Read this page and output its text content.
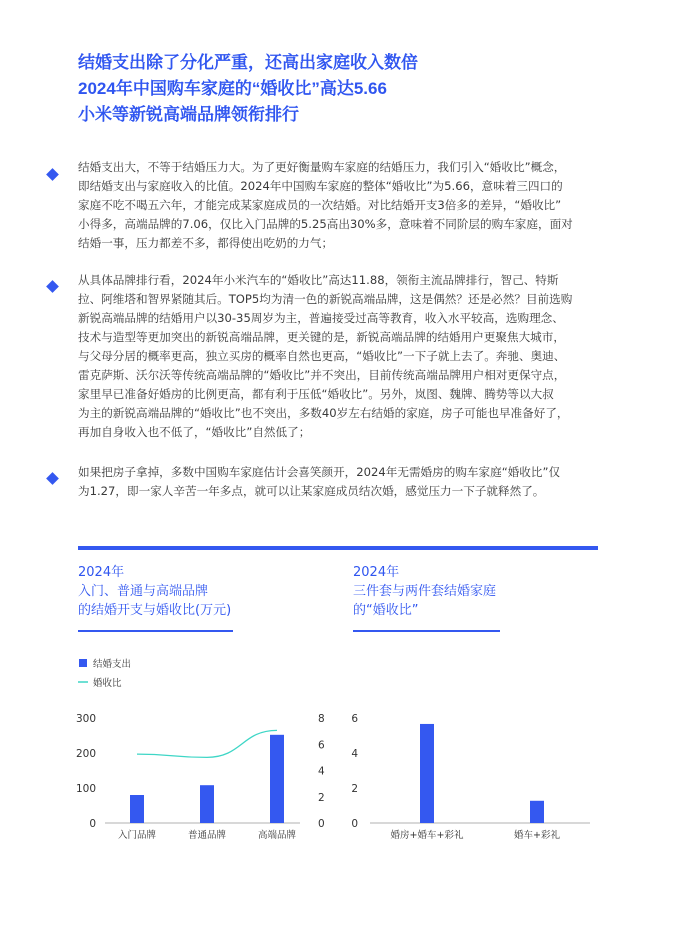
结婚支出除了分化严重，还高出家庭收入数倍
2024年中国购车家庭的“婚收比”高达5.66
小米等新锐高端品牌领衔排行
结婚支出大，不等于结婚压力大。为了更好衡量购车家庭的结婚压力，我们引入“婚收比”概念，
即结婚支出与家庭收入的比值。2024年中国购车家庭的整体“婚收比”为5.66，意味着三四口的
家庭不吃不喝五六年，才能完成某家庭成员的一次结婚。对比结婚开支3倍多的差异，“婚收比”
小得多，高端品牌的7.06，仅比入门品牌的5.25高出30%多，意味着不同阶层的购车家庭，面对
结婚一事，压力都差不多，都得使出吃奶的力气；
从具体品牌排行看，2024年小米汽车的“婚收比”高达11.88，领衔主流品牌排行，智己、特斯
拉、阿维塔和智界紧随其后。TOP5均为清一色的新锐高端品牌，这是偶然？还是必然？目前选购
新锐高端品牌的结婚用户以30-35周岁为主，普遍接受过高等教育，收入水平较高，选购理念、
技术与造型等更加突出的新锐高端品牌，更关键的是，新锐高端品牌的结婚用户更聚焦大城市，
与父母分居的概率更高，独立买房的概率自然也更高，“婚收比”一下子就上去了。奔驰、奥迪、
雷克萨斯、沃尔沃等传统高端品牌的“婚收比”并不突出，目前传统高端品牌用户相对更保守点，
家里早已准备好婚房的比例更高，都有利于压低“婚收比”。另外，岚图、魏牌、腾势等以大叔
为主的新锐高端品牌的“婚收比”也不突出，多数40岁左右结婚的家庭，房子可能也早准备好了，
再加自身收入也不低了，“婚收比”自然低了；
如果把房子拿掉，多数中国购车家庭估计会喜笑颜开，2024年无需婚房的购车家庭“婚收比”仅
为1.27，即一家人辛苦一年多点，就可以让某家庭成员结次婚，感觉压力一下子就释然了。
2024年
入门、普通与高端品牌
的结婚开支与婚收比(万元)
2024年
三件套与两件套结婚家庭
的“婚收比”
结婚支出
婚收比
0
100
200
300
0
2
4
6
8
入门品牌	普通品牌	高端品牌
0
2
4
6
婚房+婚车+彩礼	婚车+彩礼
